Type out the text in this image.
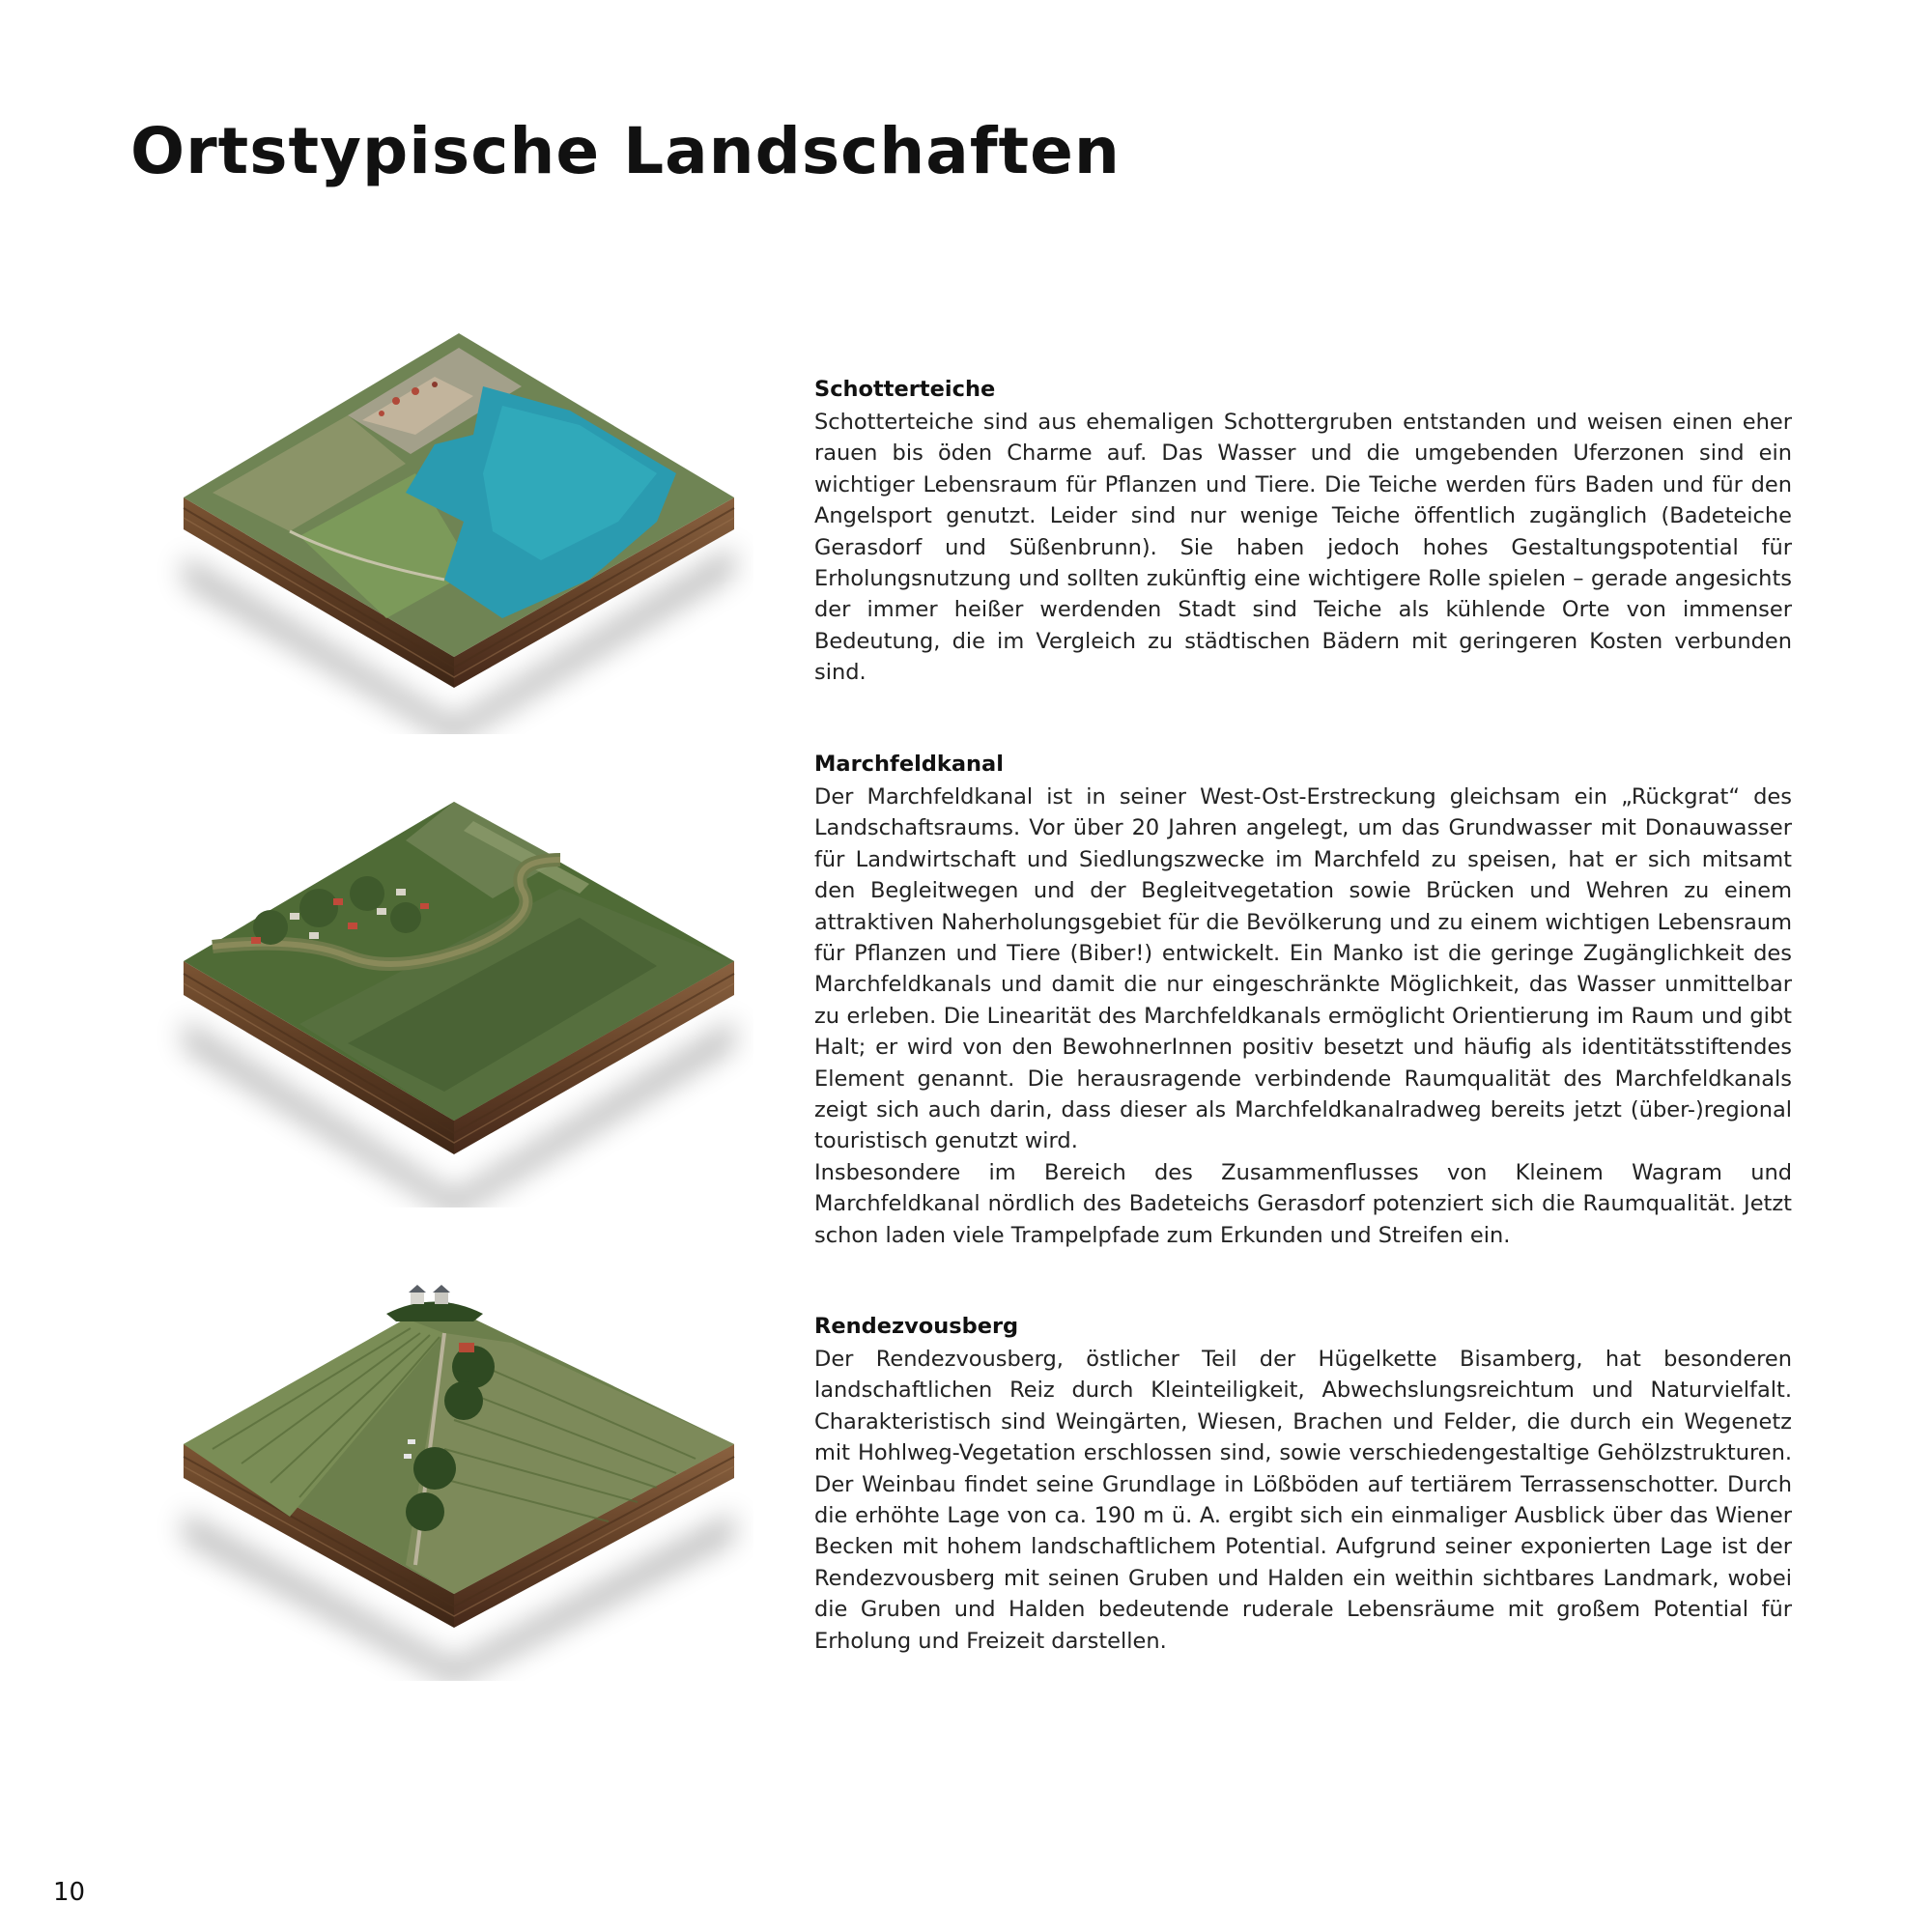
Ortstypische Landschaften
Schotterteiche

Schotterteiche sind aus ehemaligen Schottergruben entstanden und weisen einen eher rauen bis öden Charme auf. Das Wasser und die umgebenden Uferzonen sind ein wichtiger Lebensraum für Pflanzen und Tiere. Die Teiche werden fürs Baden und für den Angelsport genutzt. Leider sind nur wenige Teiche öffentlich zugänglich (Badeteiche Gerasdorf und Süßenbrunn). Sie haben jedoch hohes Gestaltungspotential für Erholungsnutzung und sollten zukünftig eine wichtigere Rolle spielen – gerade angesichts der immer heißer werdenden Stadt sind Teiche als kühlende Orte von immenser Bedeutung, die im Vergleich zu städtischen Bädern mit geringeren Kosten verbunden sind.

Marchfeldkanal

Der Marchfeldkanal ist in seiner West-Ost-Erstreckung gleichsam ein „Rückgrat“ des Landschaftsraums. Vor über 20 Jahren angelegt, um das Grundwasser mit Donauwasser für Landwirtschaft und Siedlungszwecke im Marchfeld zu speisen, hat er sich mitsamt den Begleitwegen und der Begleitvegetation sowie Brücken und Wehren zu einem attraktiven Naherholungsgebiet für die Bevölkerung und zu einem wichtigen Lebensraum für Pflanzen und Tiere (Biber!) entwickelt. Ein Manko ist die geringe Zugänglichkeit des Marchfeldkanals und damit die nur eingeschränkte Möglichkeit, das Wasser unmittelbar zu erleben. Die Linearität des Marchfeldkanals ermöglicht Orientierung im Raum und gibt Halt; er wird von den BewohnerInnen positiv besetzt und häufig als identitätsstiftendes Element genannt. Die herausragende verbindende Raumqualität des Marchfeldkanals zeigt sich auch darin, dass dieser als Marchfeldkanalradweg bereits jetzt (über-)regional touristisch genutzt wird.

Insbesondere im Bereich des Zusammenflusses von Kleinem Wagram und Marchfeldkanal nördlich des Badeteichs Gerasdorf potenziert sich die Raumqualität. Jetzt schon laden viele Trampelpfade zum Erkunden und Streifen ein.

Rendezvousberg

Der Rendezvousberg, östlicher Teil der Hügelkette Bisamberg, hat besonderen landschaftlichen Reiz durch Kleinteiligkeit, Abwechslungsreichtum und Naturvielfalt. Charakteristisch sind Weingärten, Wiesen, Brachen und Felder, die durch ein Wegenetz mit Hohlweg-Vegetation erschlossen sind, sowie verschiedengestaltige Gehölzstrukturen. Der Weinbau findet seine Grundlage in Lößböden auf tertiärem Terrassenschotter. Durch die erhöhte Lage von ca. 190 m ü. A. ergibt sich ein einmaliger Ausblick über das Wiener Becken mit hohem landschaftlichem Potential. Aufgrund seiner exponierten Lage ist der Rendezvousberg mit seinen Gruben und Halden ein weithin sichtbares Landmark, wobei die Gruben und Halden bedeutende ruderale Lebensräume mit großem Potential für Erholung und Freizeit darstellen.

10
